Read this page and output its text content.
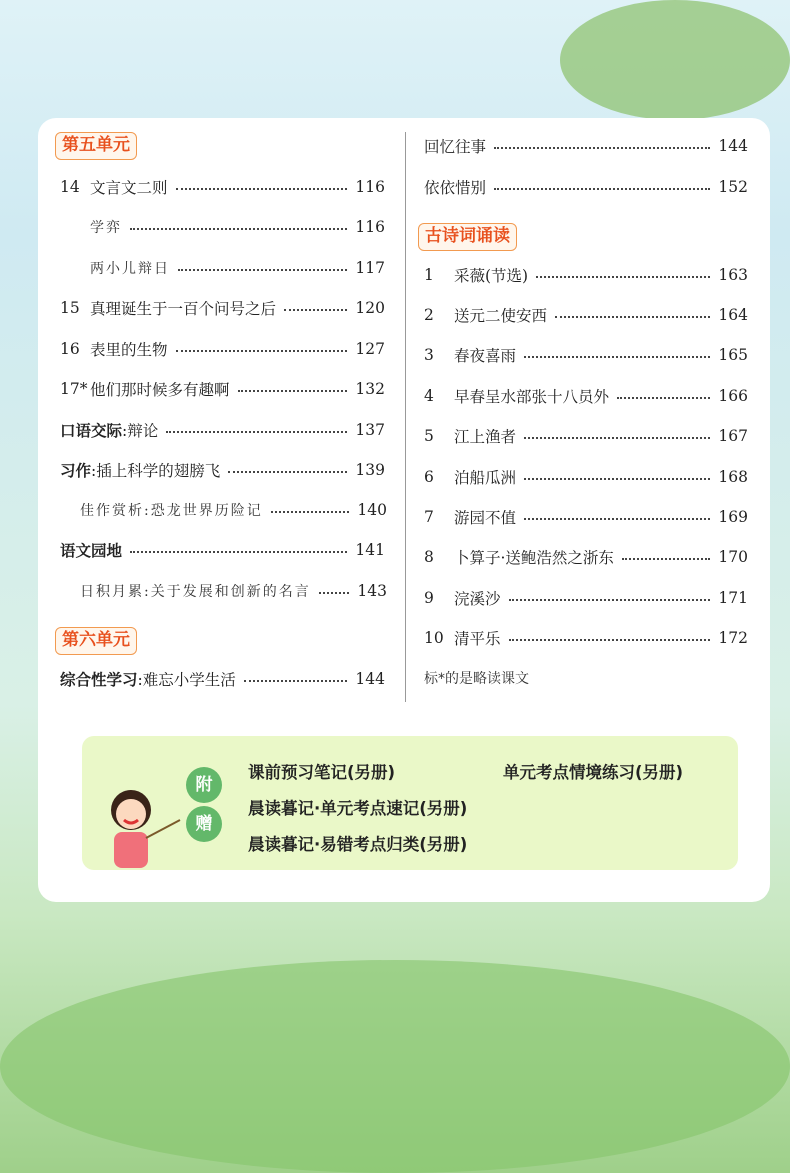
第五单元
14 文言文二则	116
学弈	116
两小儿辩日	117
15 真理诞生于一百个问号之后	120
16 表里的生物	127
17* 他们那时候多有趣啊	132
口语交际:辩论	137
习作:插上科学的翅膀飞	139
佳作赏析:恐龙世界历险记	140
语文园地	141
日积月累:关于发展和创新的名言	143
第六单元
综合性学习:难忘小学生活	144
回忆往事	144
依依惜别	152
古诗词诵读
1	采薇(节选)	163
2	送元二使安西	164
3	春夜喜雨	165
4	早春呈水部张十八员外	166
5	江上渔者	167
6	泊船瓜洲	168
7	游园不值	169
8	卜算子·送鲍浩然之浙东	170
9	浣溪沙	171
10 清平乐	172
标*的是略读课文
附
赠
课前预习笔记(另册)	单元考点情境练习(另册)
晨读暮记·单元考点速记(另册)
晨读暮记·易错考点归类(另册)
